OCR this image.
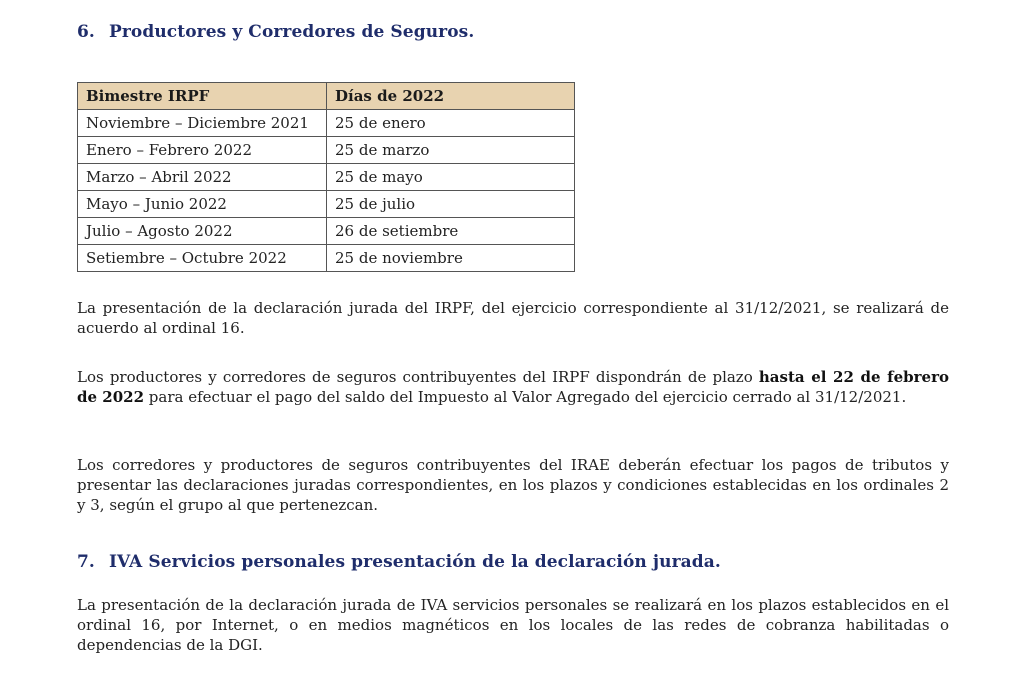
6. Productores y Corredores de Seguros.
Bimestre IRPF	Días de 2022
Noviembre – Diciembre 2021	25 de enero
Enero – Febrero 2022	25 de marzo
Marzo – Abril 2022	25 de mayo
Mayo – Junio 2022	25 de julio
Julio – Agosto 2022	26 de setiembre
Setiembre – Octubre 2022	25 de noviembre

La presentación de la declaración jurada del IRPF, del ejercicio correspondiente al 31/12/2021, se realizará de acuerdo al ordinal 16.

Los productores y corredores de seguros contribuyentes del IRPF dispondrán de plazo hasta el 22 de febrero de 2022 para efectuar el pago del saldo del Impuesto al Valor Agregado del ejercicio cerrado al 31/12/2021.

Los corredores y productores de seguros contribuyentes del IRAE deberán efectuar los pagos de tributos y presentar las declaraciones juradas correspondientes, en los plazos y condiciones establecidas en los ordinales 2 y 3, según el grupo al que pertenezcan.

7. IVA Servicios personales presentación de la declaración jurada.

La presentación de la declaración jurada de IVA servicios personales se realizará en los plazos establecidos en el ordinal 16, por Internet, o en medios magnéticos en los locales de las redes de cobranza habilitadas o dependencias de la DGI.
